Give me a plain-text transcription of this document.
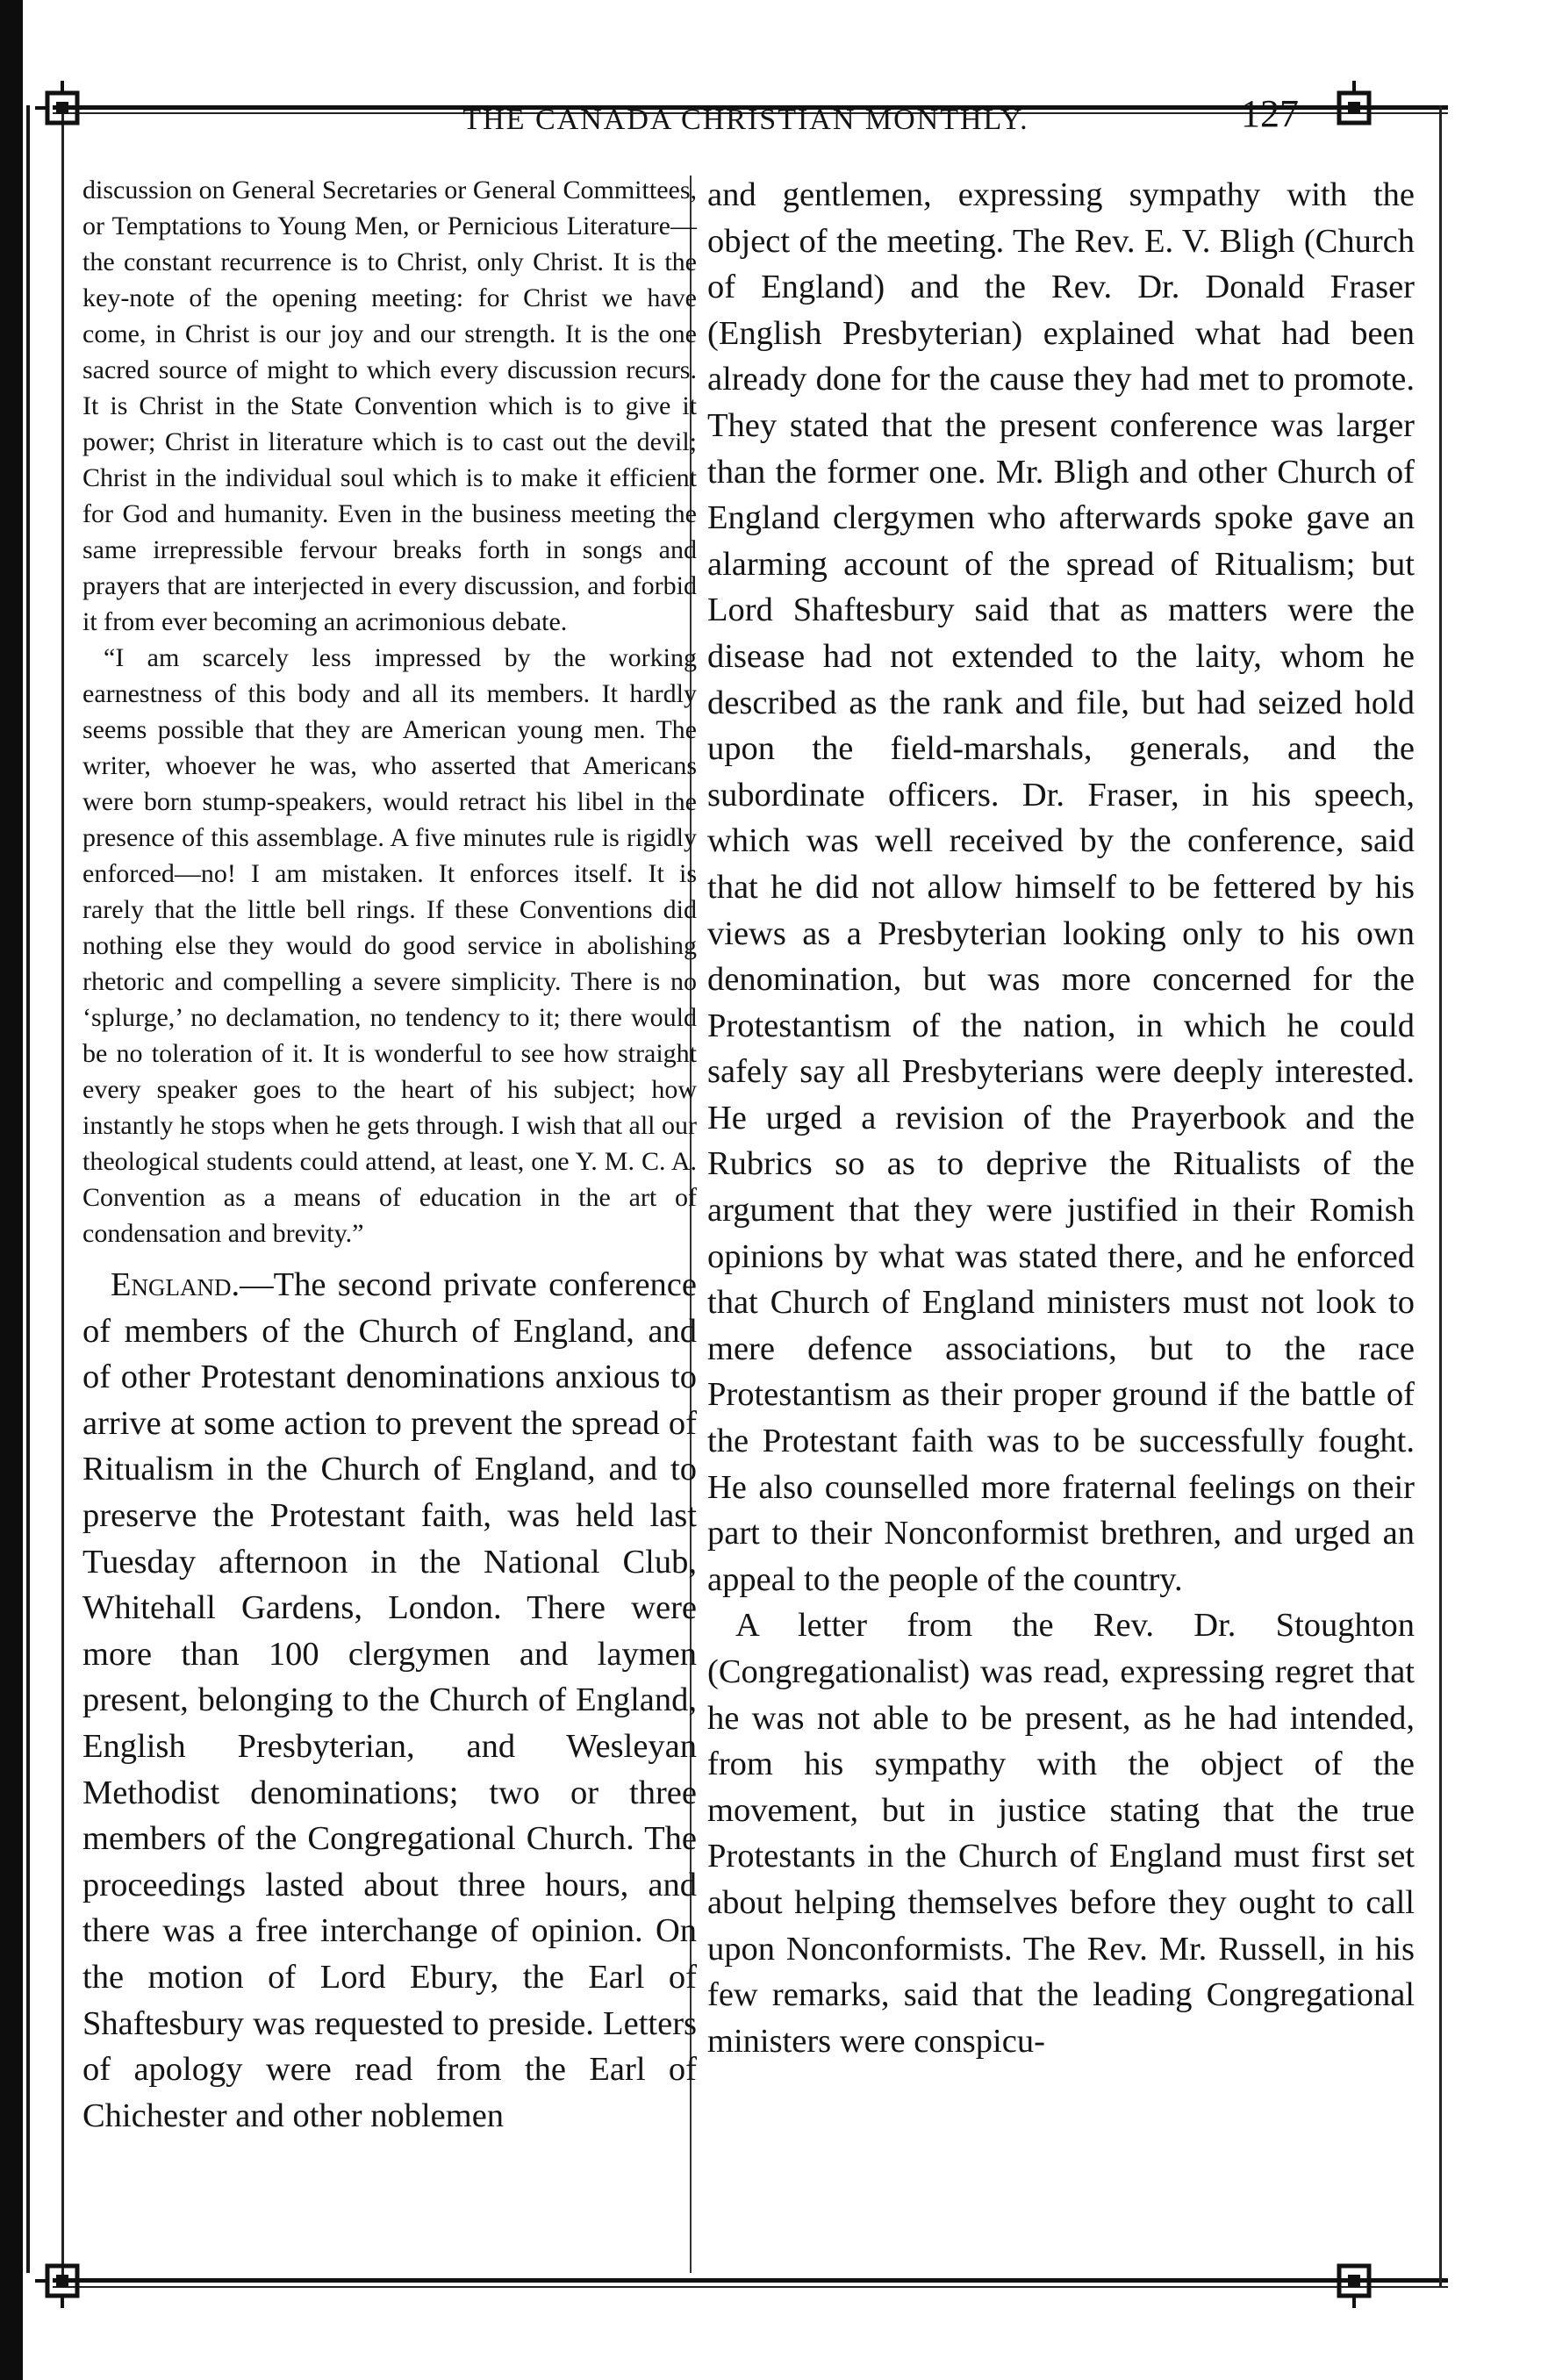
THE CANADA CHRISTIAN MONTHLY.	127

discussion on General Secretaries or General Committees, or Temptations to Young Men, or Pernicious Literature—the constant recurrence is to Christ, only Christ. It is the key-note of the opening meeting: for Christ we have come, in Christ is our joy and our strength. It is the one sacred source of might to which every discussion recurs. It is Christ in the State Convention which is to give it power; Christ in literature which is to cast out the devil; Christ in the individual soul which is to make it efficient for God and humanity. Even in the business meeting the same irrepressible fervour breaks forth in songs and prayers that are interjected in every discussion, and forbid it from ever becoming an acrimonious debate.

“I am scarcely less impressed by the working earnestness of this body and all its members. It hardly seems possible that they are American young men. The writer, whoever he was, who asserted that Americans were born stump-speakers, would retract his libel in the presence of this assemblage. A five minutes rule is rigidly enforced—no! I am mistaken. It enforces itself. It is rarely that the little bell rings. If these Conventions did nothing else they would do good service in abolishing rhetoric and compelling a severe simplicity. There is no ‘splurge,’ no declamation, no tendency to it; there would be no toleration of it. It is wonderful to see how straight every speaker goes to the heart of his subject; how instantly he stops when he gets through. I wish that all our theological students could attend, at least, one Y. M. C. A. Convention as a means of education in the art of condensation and brevity.”

England.—The second private conference of members of the Church of England, and of other Protestant denominations anxious to arrive at some action to prevent the spread of Ritualism in the Church of England, and to preserve the Protestant faith, was held last Tuesday afternoon in the National Club, Whitehall Gardens, London. There were more than 100 clergymen and laymen present, belonging to the Church of England, English Presbyterian, and Wesleyan Methodist denominations; two or three members of the Congregational Church. The proceedings lasted about three hours, and there was a free interchange of opinion. On the motion of Lord Ebury, the Earl of Shaftesbury was requested to preside. Letters of apology were read from the Earl of Chichester and other noblemen

and gentlemen, expressing sympathy with the object of the meeting. The Rev. E. V. Bligh (Church of England) and the Rev. Dr. Donald Fraser (English Presbyterian) explained what had been already done for the cause they had met to promote. They stated that the present conference was larger than the former one. Mr. Bligh and other Church of England clergymen who afterwards spoke gave an alarming account of the spread of Ritualism; but Lord Shaftesbury said that as matters were the disease had not extended to the laity, whom he described as the rank and file, but had seized hold upon the field-marshals, generals, and the subordinate officers. Dr. Fraser, in his speech, which was well received by the conference, said that he did not allow himself to be fettered by his views as a Presbyterian looking only to his own denomination, but was more concerned for the Protestantism of the nation, in which he could safely say all Presbyterians were deeply interested. He urged a revision of the Prayerbook and the Rubrics so as to deprive the Ritualists of the argument that they were justified in their Romish opinions by what was stated there, and he enforced that Church of England ministers must not look to mere defence associations, but to the race Protestantism as their proper ground if the battle of the Protestant faith was to be successfully fought. He also counselled more fraternal feelings on their part to their Nonconformist brethren, and urged an appeal to the people of the country.

A letter from the Rev. Dr. Stoughton (Congregationalist) was read, expressing regret that he was not able to be present, as he had intended, from his sympathy with the object of the movement, but in justice stating that the true Protestants in the Church of England must first set about helping themselves before they ought to call upon Nonconformists. The Rev. Mr. Russell, in his few remarks, said that the leading Congregational ministers were conspicu-
